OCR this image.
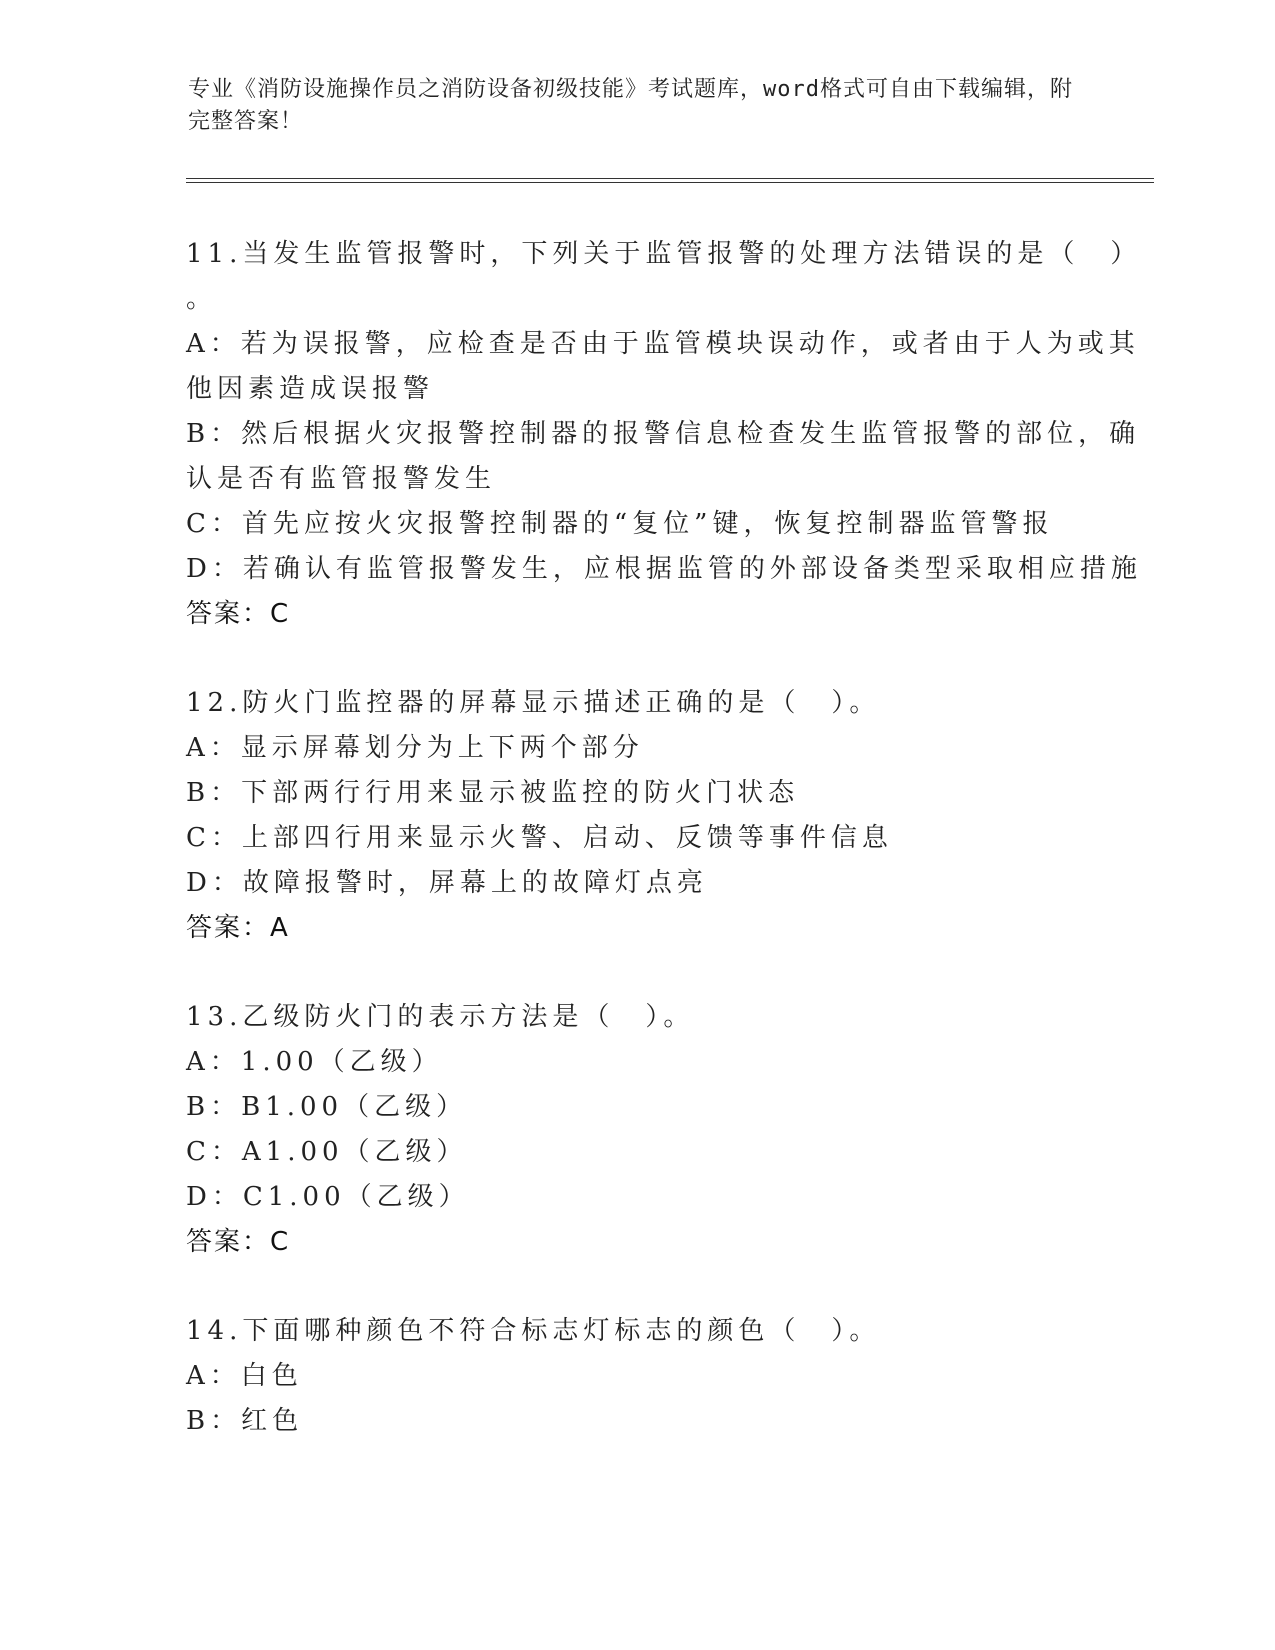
专业《消防设施操作员之消防设备初级技能》考试题库，word格式可自由下载编辑，附完整答案！
11.当发生监管报警时，下列关于监管报警的处理方法错误的是（　）
。
A：若为误报警，应检查是否由于监管模块误动作，或者由于人为或其
他因素造成误报警
B：然后根据火灾报警控制器的报警信息检查发生监管报警的部位，确
认是否有监管报警发生
C：首先应按火灾报警控制器的“复位”键，恢复控制器监管警报
D：若确认有监管报警发生，应根据监管的外部设备类型采取相应措施
答案：C
12.防火门监控器的屏幕显示描述正确的是（　）。
A：显示屏幕划分为上下两个部分
B：下部两行行用来显示被监控的防火门状态
C：上部四行用来显示火警、启动、反馈等事件信息
D：故障报警时，屏幕上的故障灯点亮
答案：A
13.乙级防火门的表示方法是（　）。
A：1.00（乙级）
B：B1.00（乙级）
C：A1.00（乙级）
D：C1.00（乙级）
答案：C
14.下面哪种颜色不符合标志灯标志的颜色（　）。
A：白色
B：红色
